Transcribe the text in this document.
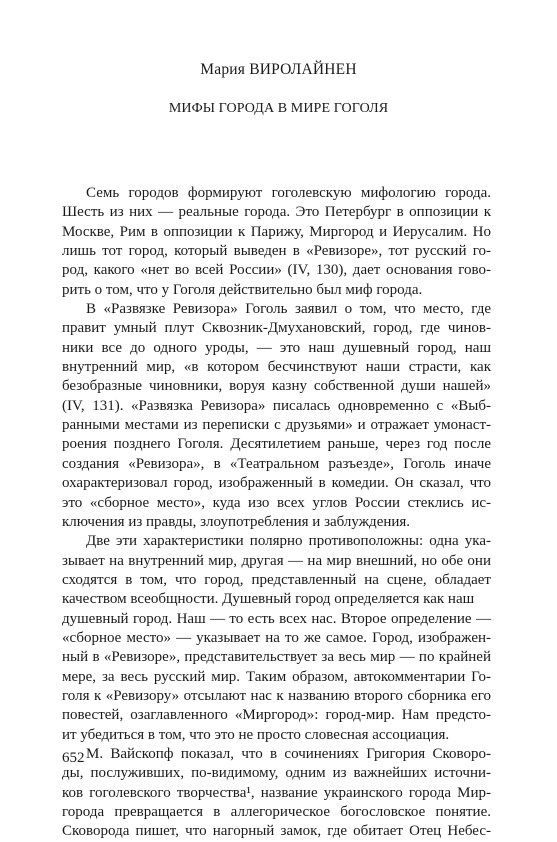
Мария ВИРОЛАЙНЕН
МИФЫ ГОРОДА В МИРЕ ГОГОЛЯ
Семь городов формируют гоголевскую мифологию города.
Шесть из них — реальные города. Это Петербург в оппозиции к
Москве, Рим в оппозиции к Парижу, Миргород и Иерусалим. Но
лишь тот город, который выведен в «Ревизоре», тот русский го-
род, какого «нет во всей России» (IV, 130), дает основания гово-
рить о том, что у Гоголя действительно был миф города.
В «Развязке Ревизора» Гоголь заявил о том, что место, где
правит умный плут Сквозник-Дмухановский, город, где чинов-
ники все до одного уроды, — это наш душевный город, наш
внутренний мир, «в котором бесчинствуют наши страсти, как
безобразные чиновники, воруя казну собственной души нашей»
(IV, 131). «Развязка Ревизора» писалась одновременно с «Выб-
ранными местами из переписки с друзьями» и отражает умонаст-
роения позднего Гоголя. Десятилетием раньше, через год после
создания «Ревизора», в «Театральном разъезде», Гоголь иначе
охарактеризовал город, изображенный в комедии. Он сказал, что
это «сборное место», куда изо всех углов России стеклись ис-
ключения из правды, злоупотребления и заблуждения.
Две эти характеристики полярно противоположны: одна ука-
зывает на внутренний мир, другая — на мир внешний, но обе они
сходятся в том, что город, представленный на сцене, обладает
качеством всеобщности. Душевный город определяется как наш
душевный город. Наш — то есть всех нас. Второе определение —
«сборное место» — указывает на то же самое. Город, изображен-
ный в «Ревизоре», представительствует за весь мир — по крайней
мере, за весь русский мир. Таким образом, автокомментарии Го-
голя к «Ревизору» отсылают нас к названию второго сборника его
повестей, озаглавленного «Миргород»: город-мир. Нам предсто-
ит убедиться в том, что это не просто словесная ассоциация.
М. Вайскопф показал, что в сочинениях Григория Сковоро-
ды, послуживших, по-видимому, одним из важнейших источни-
ков гоголевского творчества¹, название украинского города Мир-
города превращается в аллегорическое богословское понятие.
Сковорода пишет, что нагорный замок, где обитает Отец Небес-
652
